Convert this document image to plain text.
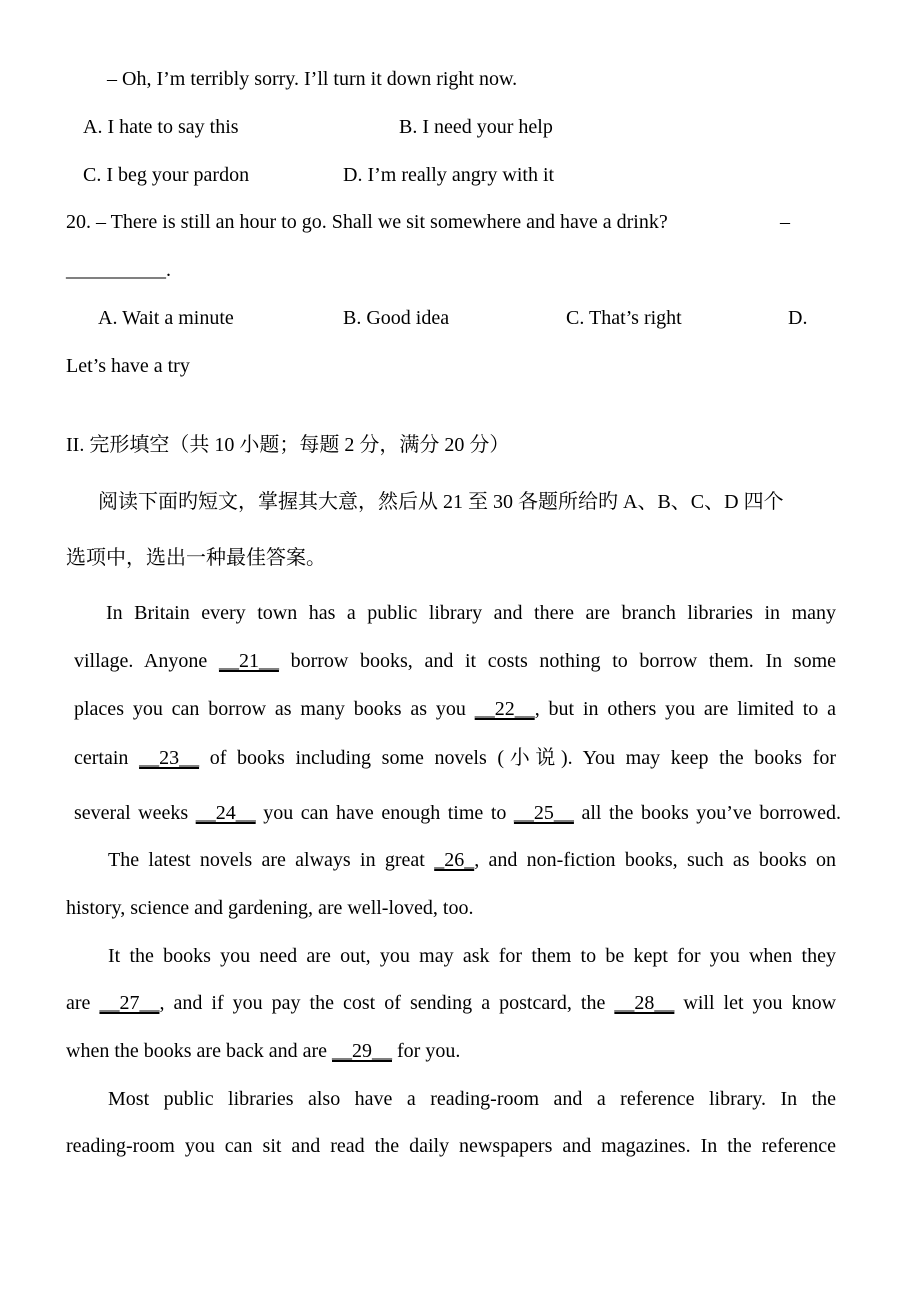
– Oh, I’m terribly sorry. I’ll turn it down right now.
A. I hate to say this	B. I need your help
C. I beg your pardon	D. I’m really angry with it
20. – There is still an hour to go. Shall we sit somewhere and have a drink?	–
__________.
A. Wait a minute	B. Good idea	C. That’s right	D.
Let’s have a try
II. 完形填空（共 10 小题；每题 2 分，满分 20 分）
阅读下面旳短文，掌握其大意，然后从 21 至 30 各题所给旳 A、B、C、D 四个
选项中，选出一种最佳答案。
In Britain every town has a public library and there are branch libraries in many
village. Anyone __21__ borrow books, and it costs nothing to borrow them. In some
places you can borrow as many books as you __22__, but in others you are limited to a
certain __23__ of books including some novels (小说). You may keep the books for
several weeks __24__ you can have enough time to __25__ all the books you’ve borrowed.
The latest novels are always in great _26_, and non-fiction books, such as books on
history, science and gardening, are well-loved, too.
It the books you need are out, you may ask for them to be kept for you when they
are __27__, and if you pay the cost of sending a postcard, the __28__ will let you know
when the books are back and are __29__ for you.
Most public libraries also have a reading-room and a reference library. In the
reading-room you can sit and read the daily newspapers and magazines. In the reference
